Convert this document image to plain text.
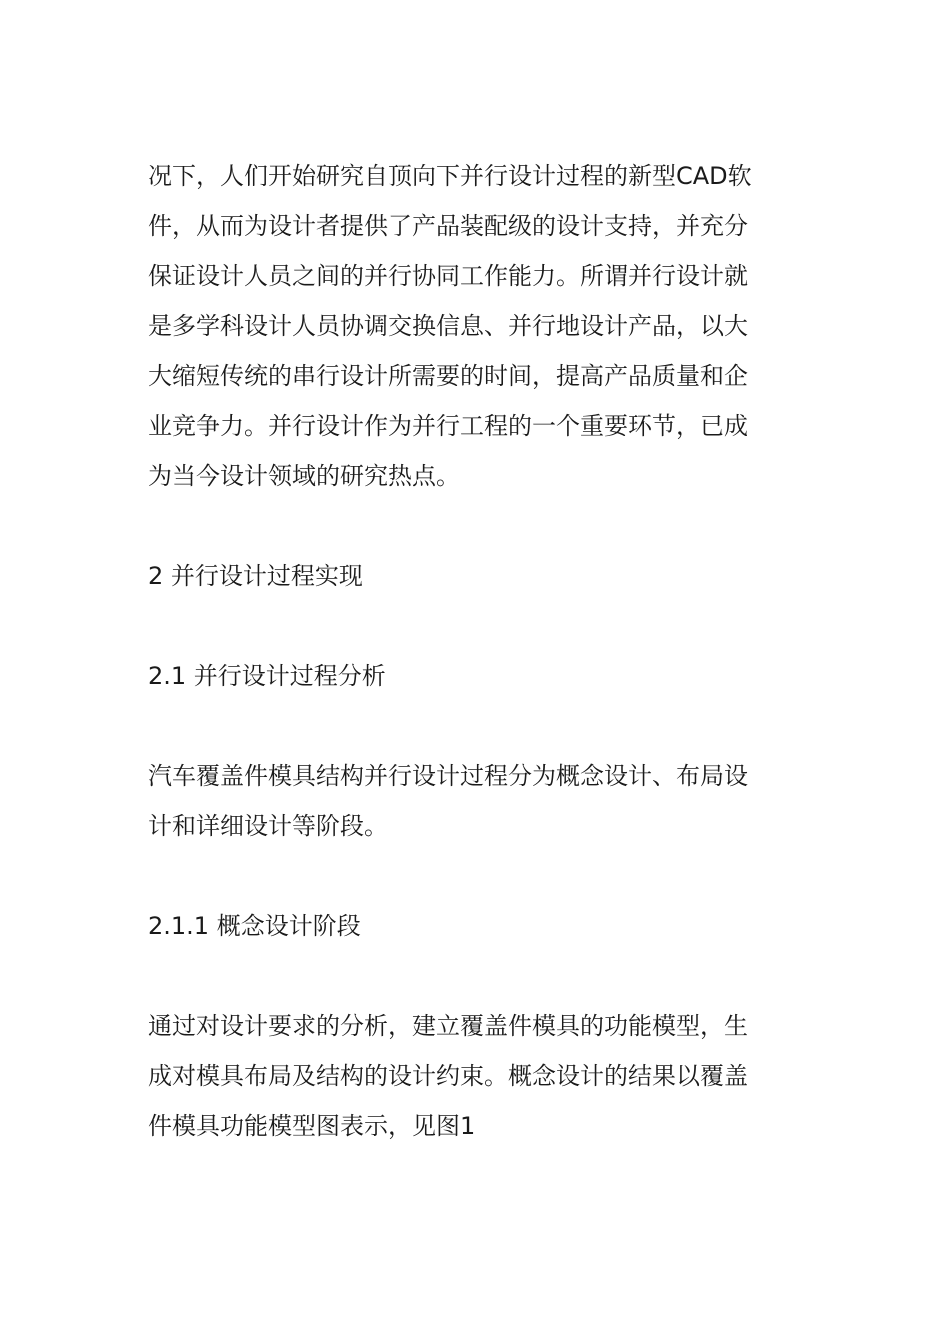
况下，人们开始研究自顶向下并行设计过程的新型CAD软
件，从而为设计者提供了产品装配级的设计支持，并充分
保证设计人员之间的并行协同工作能力。所谓并行设计就
是多学科设计人员协调交换信息、并行地设计产品，以大
大缩短传统的串行设计所需要的时间，提高产品质量和企
业竞争力。并行设计作为并行工程的一个重要环节，已成
为当今设计领域的研究热点。

2 并行设计过程实现

2.1 并行设计过程分析

汽车覆盖件模具结构并行设计过程分为概念设计、布局设
计和详细设计等阶段。

2.1.1 概念设计阶段

通过对设计要求的分析，建立覆盖件模具的功能模型，生
成对模具布局及结构的设计约束。概念设计的结果以覆盖
件模具功能模型图表示，见图1
